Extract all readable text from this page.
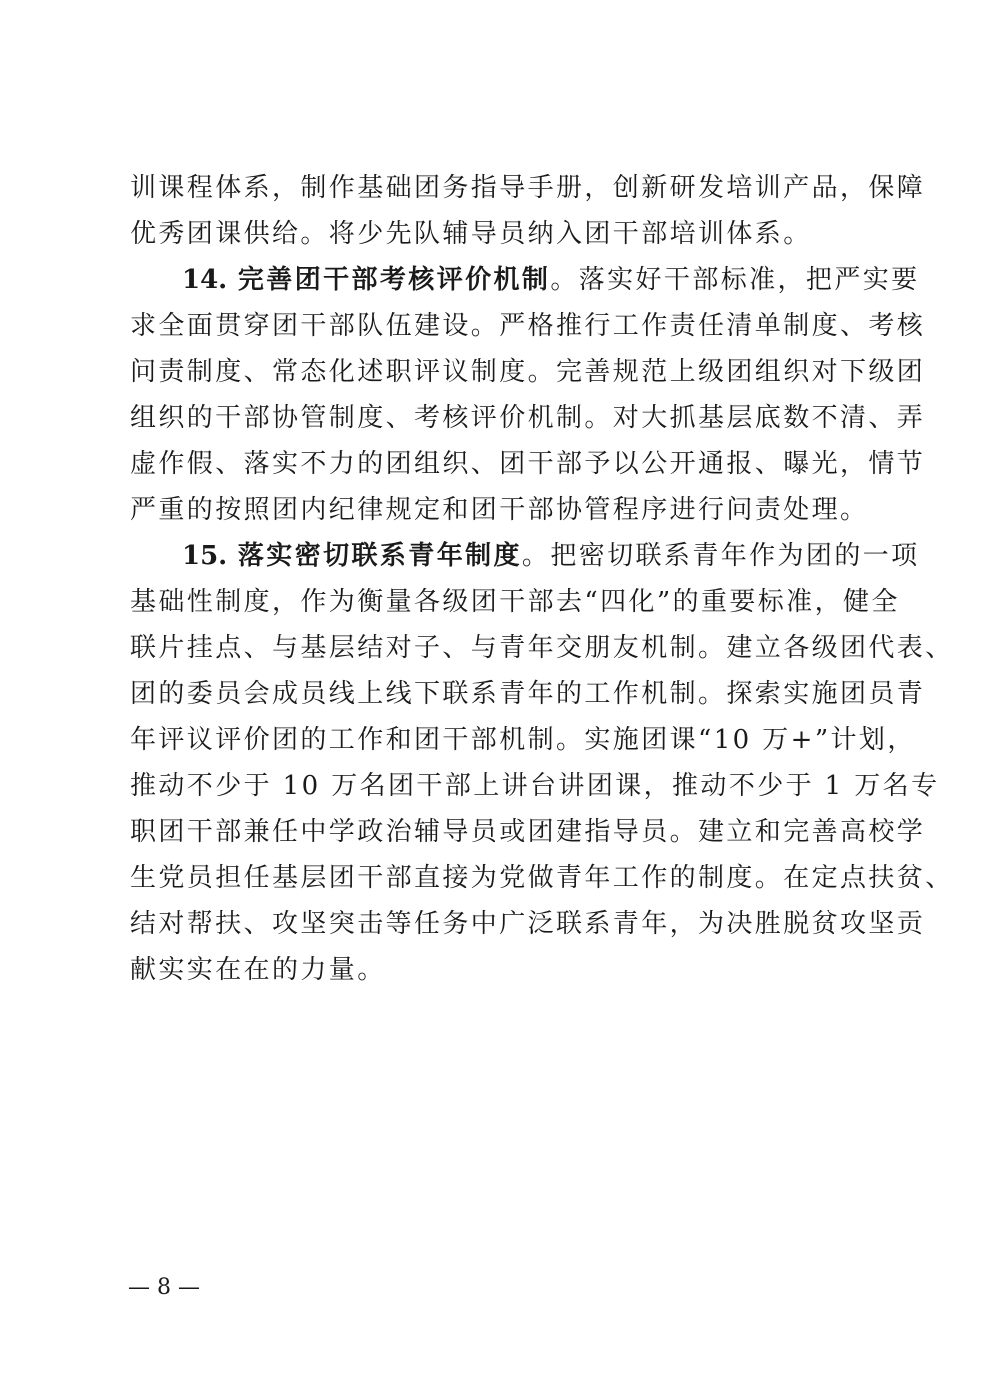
训课程体系，制作基础团务指导手册，创新研发培训产品，保障
优秀团课供给。将少先队辅导员纳入团干部培训体系。
14. 完善团干部考核评价机制。落实好干部标准，把严实要
求全面贯穿团干部队伍建设。严格推行工作责任清单制度、考核
问责制度、常态化述职评议制度。完善规范上级团组织对下级团
组织的干部协管制度、考核评价机制。对大抓基层底数不清、弄
虚作假、落实不力的团组织、团干部予以公开通报、曝光，情节
严重的按照团内纪律规定和团干部协管程序进行问责处理。
15. 落实密切联系青年制度。把密切联系青年作为团的一项
基础性制度，作为衡量各级团干部去“四化”的重要标准，健全
联片挂点、与基层结对子、与青年交朋友机制。建立各级团代表、
团的委员会成员线上线下联系青年的工作机制。探索实施团员青
年评议评价团的工作和团干部机制。实施团课“10 万+”计划，
推动不少于 10 万名团干部上讲台讲团课，推动不少于 1 万名专
职团干部兼任中学政治辅导员或团建指导员。建立和完善高校学
生党员担任基层团干部直接为党做青年工作的制度。在定点扶贫、
结对帮扶、攻坚突击等任务中广泛联系青年，为决胜脱贫攻坚贡
献实实在在的力量。
— 8 —
